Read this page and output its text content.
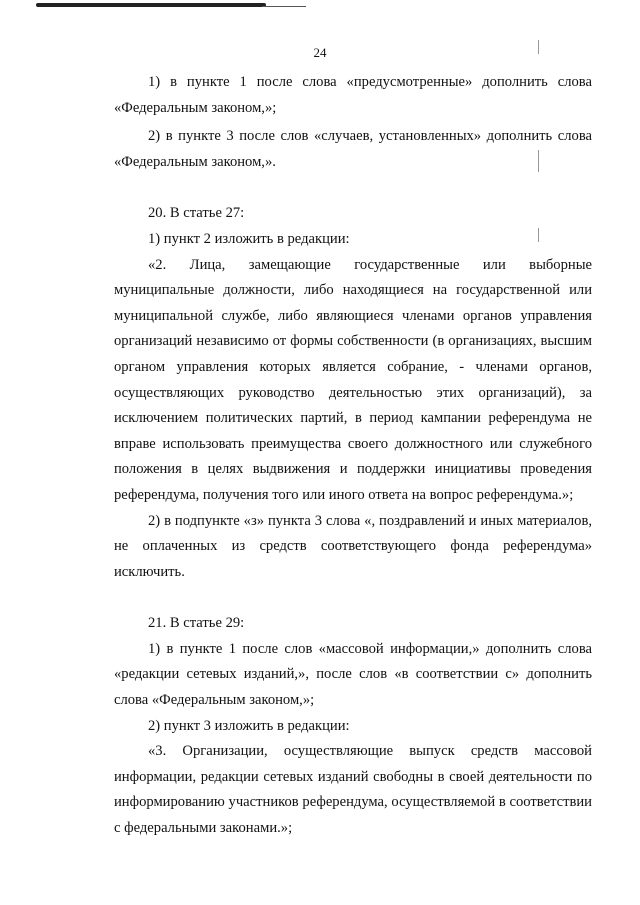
24

1) в пункте 1 после слова «предусмотренные» дополнить слова «Федеральным законом,»;

2) в пункте 3 после слов «случаев, установленных» дополнить слова «Федеральным законом,».

20. В статье 27:

1) пункт 2 изложить в редакции:

«2. Лица, замещающие государственные или выборные муниципальные должности, либо находящиеся на государственной или муниципальной службе, либо являющиеся членами органов управления организаций независимо от формы собственности (в организациях, высшим органом управления которых является собрание, - членами органов, осуществляющих руководство деятельностью этих организаций), за исключением политических партий, в период кампании референдума не вправе использовать преимущества своего должностного или служебного положения в целях выдвижения и поддержки инициативы проведения референдума, получения того или иного ответа на вопрос референдума.»;

2) в подпункте «з» пункта 3 слова «, поздравлений и иных материалов, не оплаченных из средств соответствующего фонда референдума» исключить.

21. В статье 29:

1) в пункте 1 после слов «массовой информации,» дополнить слова «редакции сетевых изданий,», после слов «в соответствии с» дополнить слова «Федеральным законом,»;

2) пункт 3 изложить в редакции:

«3. Организации, осуществляющие выпуск средств массовой информации, редакции сетевых изданий свободны в своей деятельности по информированию участников референдума, осуществляемой в соответствии с федеральными законами.»;
